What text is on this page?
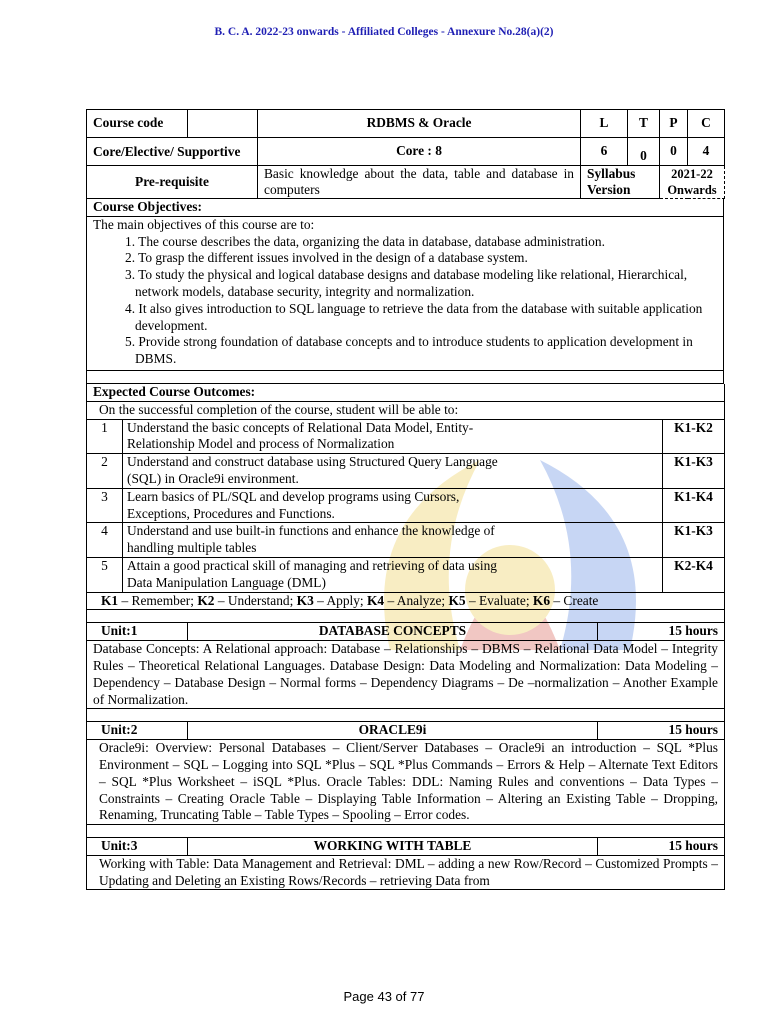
B. C. A. 2022-23 onwards - Affiliated Colleges - Annexure No.28(a)(2)
Course code		RDBMS & Oracle	L	T	P	C
Core/Elective/ Supportive		Core : 8	6	0	0	4
Pre-requisite		Basic knowledge about the data, table and database in computers	Syllabus Version		2021-22 Onwards	
Course Objectives:

The main objectives of this course are to:
1. The course describes the data, organizing the data in database, database administration.
2. To grasp the different issues involved in the design of a database system.
3. To study the physical and logical database designs and database modeling like relational, Hierarchical, network models, database security, integrity and normalization.
4. It also gives introduction to SQL language to retrieve the data from the database with suitable application development.
5. Provide strong foundation of database concepts and to introduce students to application development in DBMS.

Expected Course Outcomes:		
On the successful completion of the course, student will be able to:		
1	Understand the basic concepts of Relational Data Model, Entity-Relationship Model and process of Normalization	K1-K2
2	Understand and construct database using Structured Query Language (SQL) in Oracle9i environment.	K1-K3
3	Learn basics of PL/SQL and develop programs using Cursors, Exceptions, Procedures and Functions.	K1-K4
4	Understand and use built-in functions and enhance the knowledge of handling multiple tables	K1-K3
5	Attain a good practical skill of managing and retrieving of data using Data Manipulation Language (DML)	K2-K4
K1 – Remember; K2 – Understand; K3 – Apply; K4 – Analyze; K5 – Evaluate; K6 – Create		

Unit:1	DATABASE CONCEPTS	15 hours
Database Concepts: A Relational approach: Database – Relationships – DBMS – Relational Data Model – Integrity Rules – Theoretical Relational Languages. Database Design: Data Modeling and Normalization: Data Modeling – Dependency – Database Design – Normal forms – Dependency Diagrams – De –normalization – Another Example of Normalization.		

Unit:2	ORACLE9i	15 hours
Oracle9i: Overview: Personal Databases – Client/Server Databases – Oracle9i an introduction – SQL *Plus Environment – SQL – Logging into SQL *Plus – SQL *Plus Commands – Errors & Help – Alternate Text Editors – SQL *Plus Worksheet – iSQL *Plus. Oracle Tables: DDL: Naming Rules and conventions – Data Types – Constraints – Creating Oracle Table – Displaying Table Information – Altering an Existing Table – Dropping, Renaming, Truncating Table – Table Types – Spooling – Error codes.		

Unit:3	WORKING WITH TABLE	15 hours
Working with Table: Data Management and Retrieval: DML – adding a new Row/Record – Customized Prompts – Updating and Deleting an Existing Rows/Records – retrieving Data from		
Page 43 of 77
